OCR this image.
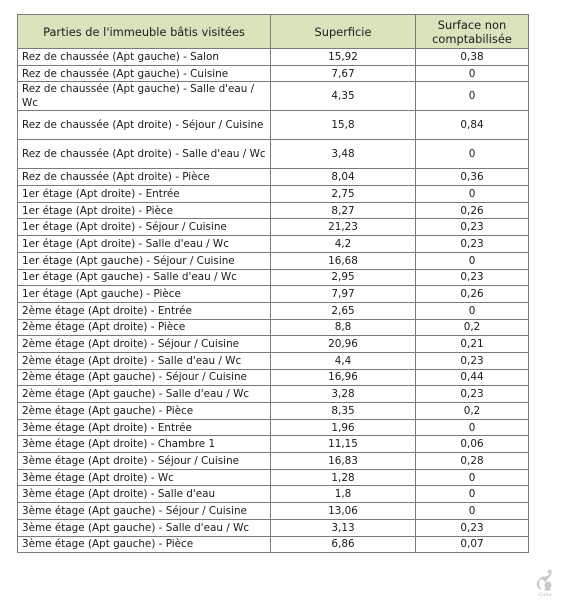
Parties de l'immeuble bâtis visitées	Superficie	Surface non comptabilisée
Rez de chaussée (Apt gauche) - Salon	15,92	0,38
Rez de chaussée (Apt gauche) - Cuisine	7,67	0
Rez de chaussée (Apt gauche) - Salle d'eau / Wc	4,35	0
Rez de chaussée (Apt droite) - Séjour / Cuisine	15,8	0,84
Rez de chaussée (Apt droite) - Salle d'eau / Wc	3,48	0
Rez de chaussée (Apt droite) - Pièce	8,04	0,36
1er étage (Apt droite) - Entrée	2,75	0
1er étage (Apt droite) - Pièce	8,27	0,26
1er étage (Apt droite) - Séjour / Cuisine	21,23	0,23
1er étage (Apt droite) - Salle d'eau / Wc	4,2	0,23
1er étage (Apt gauche) - Séjour / Cuisine	16,68	0
1er étage (Apt gauche) - Salle d'eau / Wc	2,95	0,23
1er étage (Apt gauche) - Pièce	7,97	0,26
2ème étage (Apt droite) - Entrée	2,65	0
2ème étage (Apt droite) - Pièce	8,8	0,2
2ème étage (Apt droite) - Séjour / Cuisine	20,96	0,21
2ème étage (Apt droite) - Salle d'eau / Wc	4,4	0,23
2ème étage (Apt gauche) - Séjour / Cuisine	16,96	0,44
2ème étage (Apt gauche) - Salle d'eau / Wc	3,28	0,23
2ème étage (Apt gauche) - Pièce	8,35	0,2
3ème étage (Apt droite) - Entrée	1,96	0
3ème étage (Apt droite) - Chambre 1	11,15	0,06
3ème étage (Apt droite) - Séjour / Cuisine	16,83	0,28
3ème étage (Apt droite) - Wc	1,28	0
3ème étage (Apt droite) - Salle d'eau	1,8	0
3ème étage (Apt gauche) - Séjour / Cuisine	13,06	0
3ème étage (Apt gauche) - Salle d'eau / Wc	3,13	0,23
3ème étage (Apt gauche) - Pièce	6,86	0,07
Cana
